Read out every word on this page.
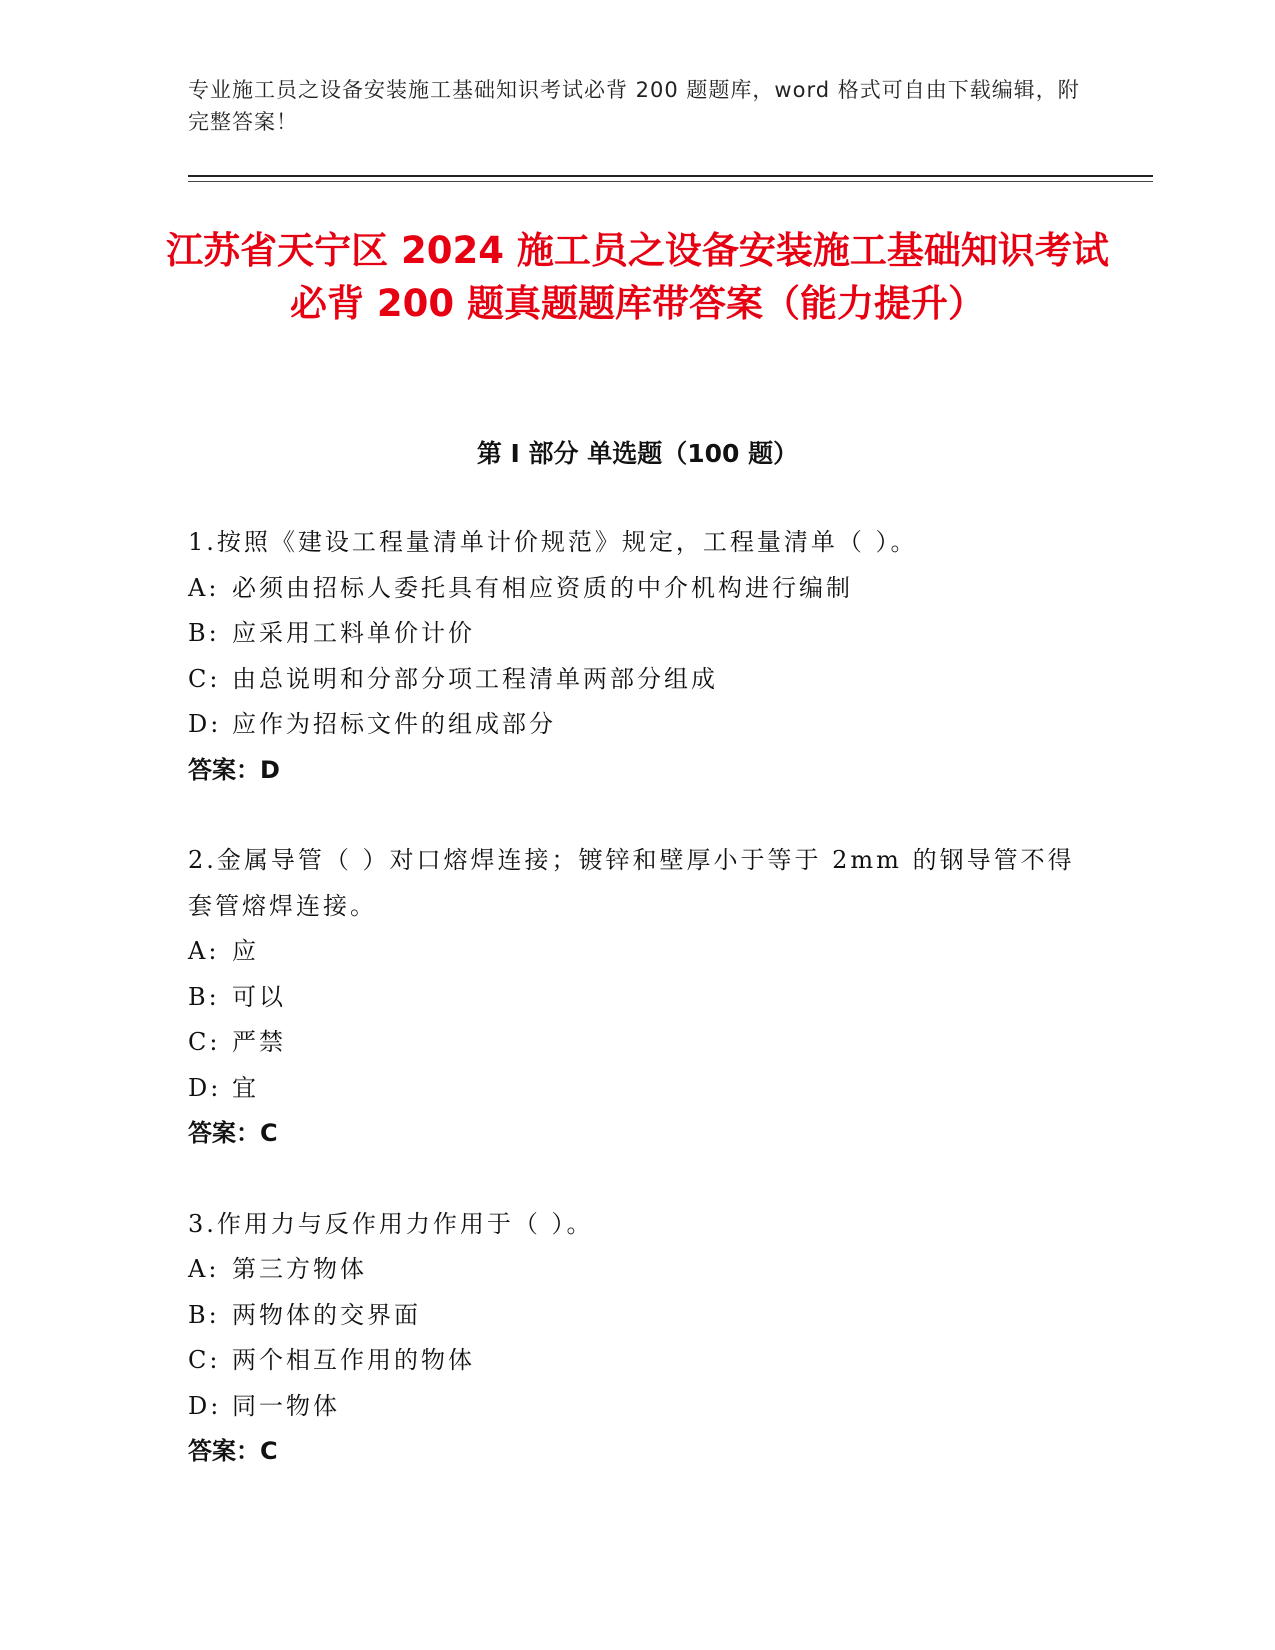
专业施工员之设备安装施工基础知识考试必背 200 题题库，word 格式可自由下载编辑，附完整答案！
江苏省天宁区 2024 施工员之设备安装施工基础知识考试必背 200 题真题题库带答案（能力提升）
第 I 部分 单选题（100 题）
1.按照《建设工程量清单计价规范》规定，工程量清单（ ）。
A: 必须由招标人委托具有相应资质的中介机构进行编制
B: 应采用工料单价计价
C: 由总说明和分部分项工程清单两部分组成
D: 应作为招标文件的组成部分
答案：D
2.金属导管（ ）对口熔焊连接；镀锌和壁厚小于等于 2mm 的钢导管不得套管熔焊连接。
A: 应
B: 可以
C: 严禁
D: 宜
答案：C
3.作用力与反作用力作用于（ ）。
A: 第三方物体
B: 两物体的交界面
C: 两个相互作用的物体
D: 同一物体
答案：C
